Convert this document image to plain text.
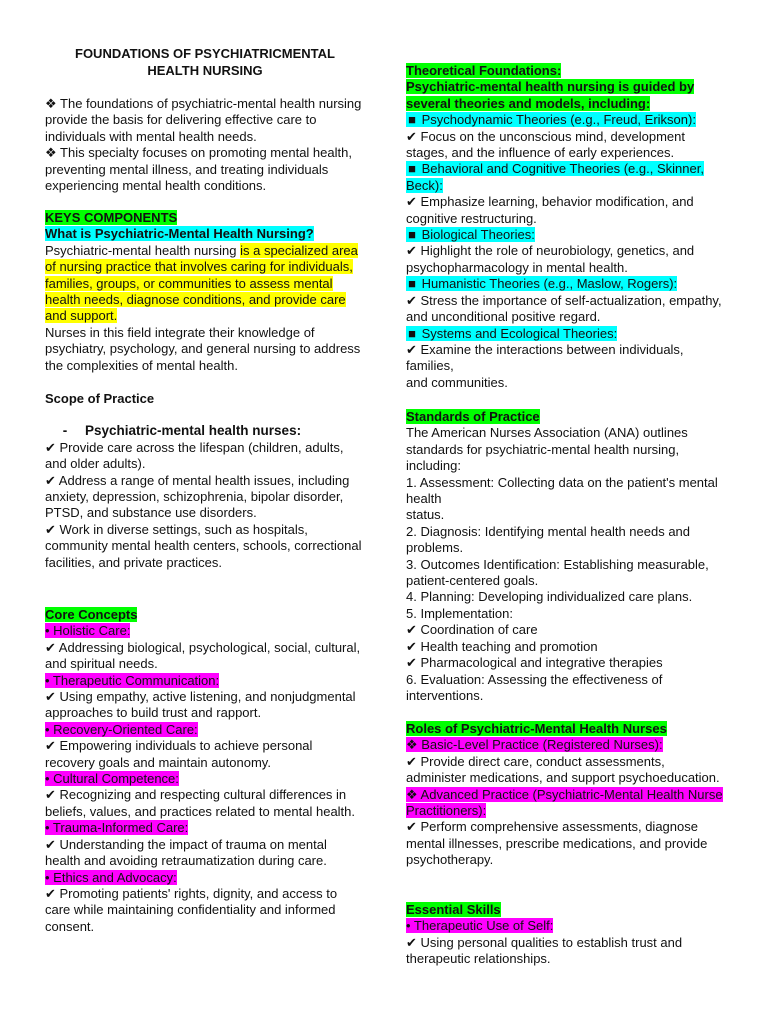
FOUNDATIONS OF PSYCHIATRICMENTAL
HEALTH NURSING

❖ The foundations of psychiatric-mental health nursing provide the basis for delivering effective care to individuals with mental health needs.

❖ This specialty focuses on promoting mental health, preventing mental illness, and treating individuals experiencing mental health conditions.

KEYS COMPONENTS

What is Psychiatric-Mental Health Nursing?

Psychiatric-mental health nursing is a specialized area of nursing practice that involves caring for individuals, families, groups, or communities to assess mental health needs, diagnose conditions, and provide care and support.

Nurses in this field integrate their knowledge of psychiatry, psychology, and general nursing to address the complexities of mental health.

Scope of Practice

- Psychiatric-mental health nurses:

✔ Provide care across the lifespan (children, adults, and older adults).

✔ Address a range of mental health issues, including anxiety, depression, schizophrenia, bipolar disorder, PTSD, and substance use disorders.

✔ Work in diverse settings, such as hospitals, community mental health centers, schools, correctional facilities, and private practices.

Core Concepts

• Holistic Care:

✔ Addressing biological, psychological, social, cultural, and spiritual needs.

• Therapeutic Communication:

✔ Using empathy, active listening, and nonjudgmental approaches to build trust and rapport.

• Recovery-Oriented Care:

✔ Empowering individuals to achieve personal recovery goals and maintain autonomy.

• Cultural Competence:

✔ Recognizing and respecting cultural differences in beliefs, values, and practices related to mental health.

• Trauma-Informed Care:

✔ Understanding the impact of trauma on mental health and avoiding retraumatization during care.

• Ethics and Advocacy:

✔ Promoting patients' rights, dignity, and access to care while maintaining confidentiality and informed consent.

Theoretical Foundations:

Psychiatric-mental health nursing is guided by several theories and models, including:

■ Psychodynamic Theories (e.g., Freud, Erikson):

✔ Focus on the unconscious mind, development stages, and the influence of early experiences.

■ Behavioral and Cognitive Theories (e.g., Skinner, Beck):

✔ Emphasize learning, behavior modification, and cognitive restructuring.

■ Biological Theories:

✔ Highlight the role of neurobiology, genetics, and psychopharmacology in mental health.

■ Humanistic Theories (e.g., Maslow, Rogers):

✔ Stress the importance of self-actualization, empathy, and unconditional positive regard.

■ Systems and Ecological Theories:

✔ Examine the interactions between individuals, families,

and communities.

Standards of Practice

The American Nurses Association (ANA) outlines standards for psychiatric-mental health nursing, including:

1. Assessment: Collecting data on the patient's mental health

status.

2. Diagnosis: Identifying mental health needs and problems.

3. Outcomes Identification: Establishing measurable, patient-centered goals.

4. Planning: Developing individualized care plans.

5. Implementation:

✔ Coordination of care

✔ Health teaching and promotion

✔ Pharmacological and integrative therapies

6. Evaluation: Assessing the effectiveness of interventions.

Roles of Psychiatric-Mental Health Nurses

❖ Basic-Level Practice (Registered Nurses):

✔ Provide direct care, conduct assessments, administer medications, and support psychoeducation.

❖ Advanced Practice (Psychiatric-Mental Health Nurse Practitioners):

✔ Perform comprehensive assessments, diagnose mental illnesses, prescribe medications, and provide psychotherapy.

Essential Skills

• Therapeutic Use of Self:

✔ Using personal qualities to establish trust and therapeutic relationships.
